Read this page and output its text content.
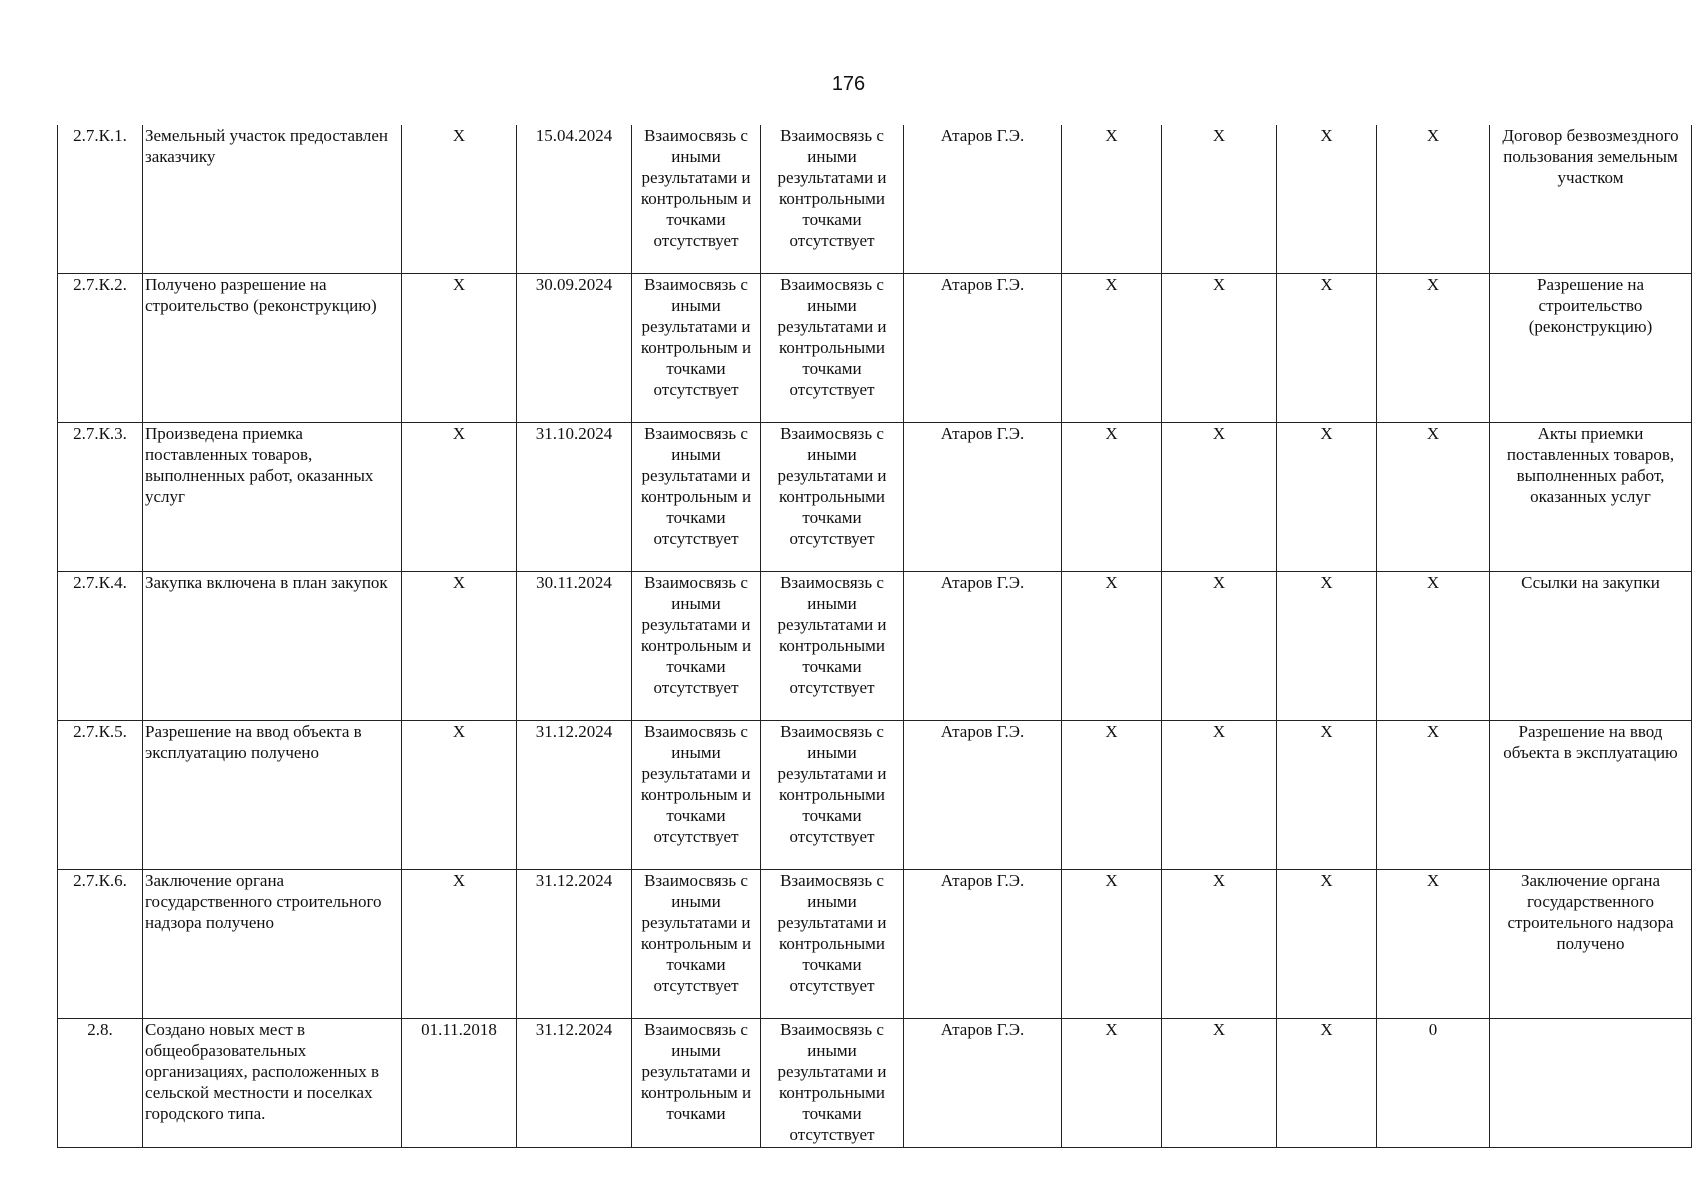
176
2.7.К.1.	Земельный участок предоставлен заказчику	X	15.04.2024	Взаимосвязь с иными результатами и контрольным и точками отсутствует	Взаимосвязь с иными результатами и контрольными точками отсутствует	Атаров Г.Э.	X	X	X	X	Договор безвозмездного пользования земельным участком
2.7.К.2.	Получено разрешение на строительство (реконструкцию)	X	30.09.2024	Взаимосвязь с иными результатами и контрольным и точками отсутствует	Взаимосвязь с иными результатами и контрольными точками отсутствует	Атаров Г.Э.	X	X	X	X	Разрешение на строительство (реконструкцию)
2.7.К.3.	Произведена приемка поставленных товаров, выполненных работ, оказанных услуг	X	31.10.2024	Взаимосвязь с иными результатами и контрольным и точками отсутствует	Взаимосвязь с иными результатами и контрольными точками отсутствует	Атаров Г.Э.	X	X	X	X	Акты приемки поставленных товаров, выполненных работ, оказанных услуг
2.7.К.4.	Закупка включена в план закупок	X	30.11.2024	Взаимосвязь с иными результатами и контрольным и точками отсутствует	Взаимосвязь с иными результатами и контрольными точками отсутствует	Атаров Г.Э.	X	X	X	X	Ссылки на закупки
2.7.К.5.	Разрешение на ввод объекта в эксплуатацию получено	X	31.12.2024	Взаимосвязь с иными результатами и контрольным и точками отсутствует	Взаимосвязь с иными результатами и контрольными точками отсутствует	Атаров Г.Э.	X	X	X	X	Разрешение на ввод объекта в эксплуатацию
2.7.К.6.	Заключение органа государственного строительного надзора получено	X	31.12.2024	Взаимосвязь с иными результатами и контрольным и точками отсутствует	Взаимосвязь с иными результатами и контрольными точками отсутствует	Атаров Г.Э.	X	X	X	X	Заключение органа государственного строительного надзора получено
2.8.	Создано новых мест в общеобразовательных организациях, расположенных в сельской местности и поселках городского типа.	01.11.2018	31.12.2024	Взаимосвязь с иными результатами и контрольным и точками	Взаимосвязь с иными результатами и контрольными точками отсутствует	Атаров Г.Э.	X	X	X	0	
